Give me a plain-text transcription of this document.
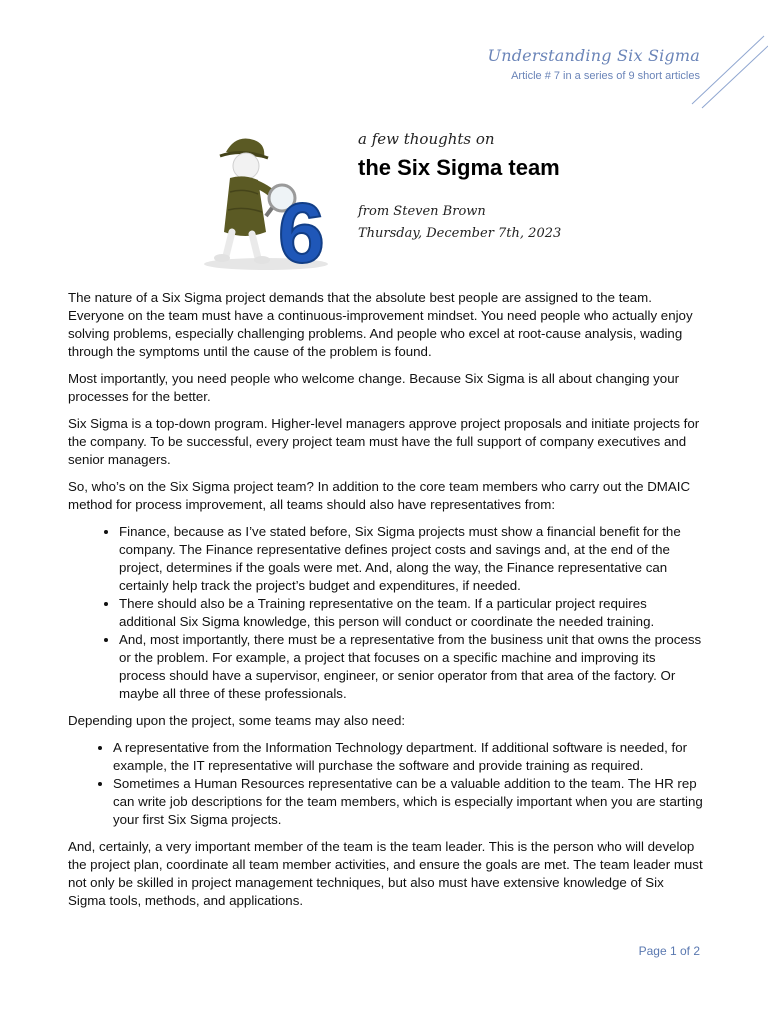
Understanding Six Sigma
Article # 7 in a series of 9 short articles
6
a few thoughts on
the Six Sigma team
from Steven Brown
Thursday, December 7th, 2023

The nature of a Six Sigma project demands that the absolute best people are assigned to the team. Everyone on the team must have a continuous-improvement mindset. You need people who actually enjoy solving problems, especially challenging problems. And people who excel at root-cause analysis, wading through the symptoms until the cause of the problem is found.

Most importantly, you need people who welcome change. Because Six Sigma is all about changing your processes for the better.

Six Sigma is a top-down program. Higher-level managers approve project proposals and initiate projects for the company. To be successful, every project team must have the full support of company executives and senior managers.

So, who’s on the Six Sigma project team? In addition to the core team members who carry out the DMAIC method for process improvement, all teams should also have representatives from:

• Finance, because as I’ve stated before, Six Sigma projects must show a financial benefit for the company. The Finance representative defines project costs and savings and, at the end of the project, determines if the goals were met. And, along the way, the Finance representative can certainly help track the project’s budget and expenditures, if needed.
• There should also be a Training representative on the team. If a particular project requires additional Six Sigma knowledge, this person will conduct or coordinate the needed training.
• And, most importantly, there must be a representative from the business unit that owns the process or the problem. For example, a project that focuses on a specific machine and improving its process should have a supervisor, engineer, or senior operator from that area of the factory. Or maybe all three of these professionals.

Depending upon the project, some teams may also need:

• A representative from the Information Technology department. If additional software is needed, for example, the IT representative will purchase the software and provide training as required.
• Sometimes a Human Resources representative can be a valuable addition to the team. The HR rep can write job descriptions for the team members, which is especially important when you are starting your first Six Sigma projects.

And, certainly, a very important member of the team is the team leader. This is the person who will develop the project plan, coordinate all team member activities, and ensure the goals are met. The team leader must not only be skilled in project management techniques, but also must have extensive knowledge of Six Sigma tools, methods, and applications.

Page 1 of 2
